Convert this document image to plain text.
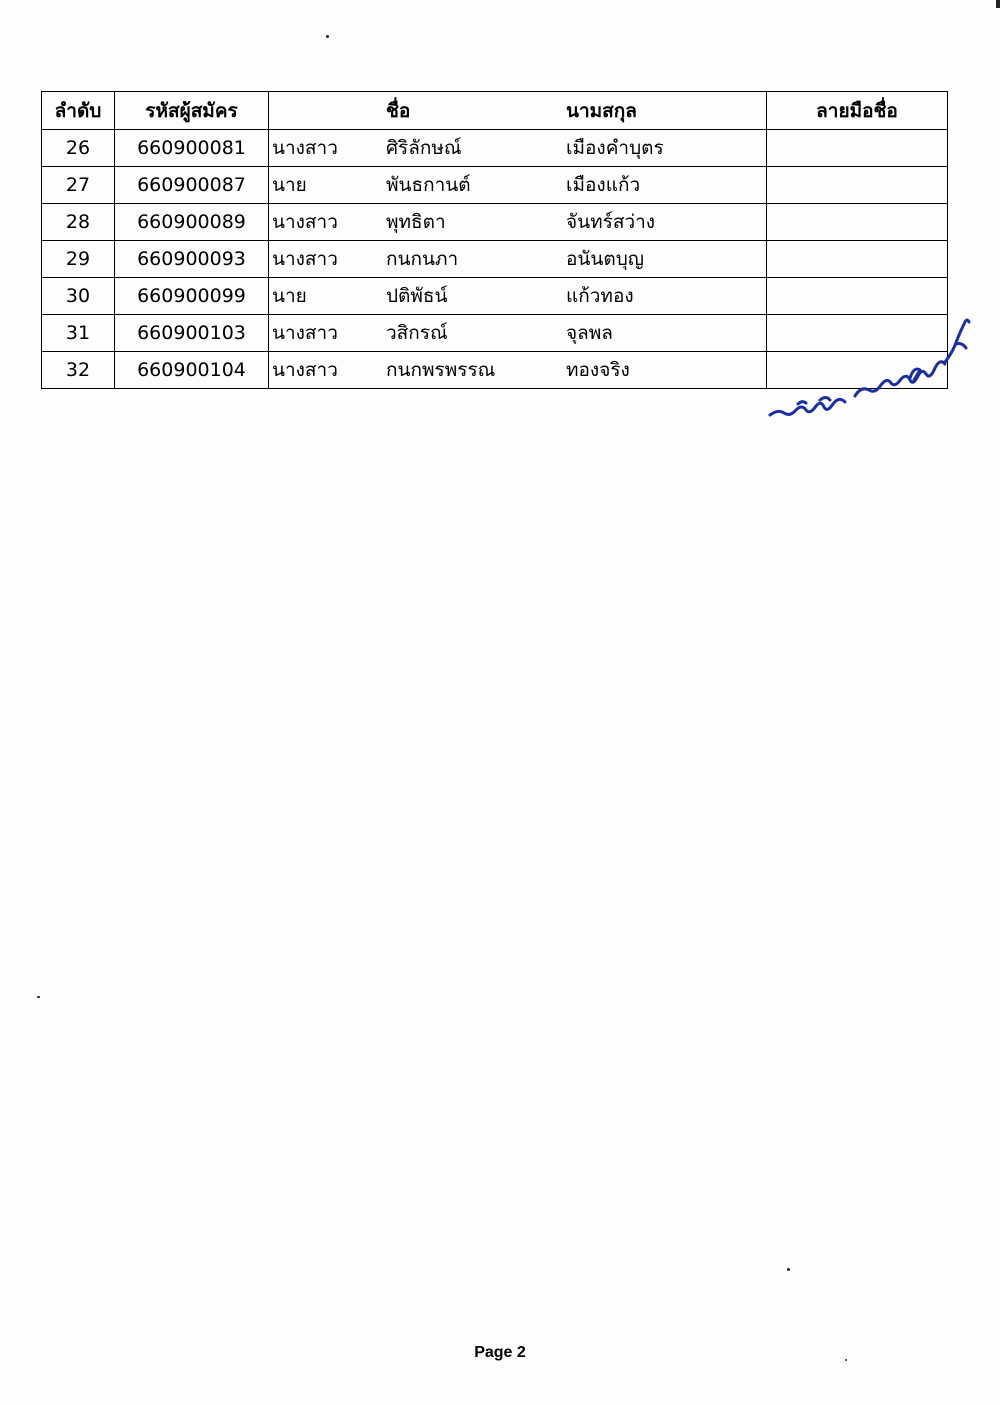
ลำดับ	รหัสผู้สมัคร	ชื่อ นามสกุล	ลายมือชื่อ
26	660900081	นางสาว ศิริลักษณ์ เมืองคำบุตร	

27	660900087	นาย พันธกานต์ เมืองแก้ว	

28	660900089	นางสาว พุทธิตา จันทร์สว่าง	

29	660900093	นางสาว กนกนภา อนันตบุญ	

30	660900099	นาย ปติพัธน์ แก้วทอง	

31	660900103	นางสาว วสิกรณ์ จุลพล	

32	660900104	นางสาว กนกพรพรรณ ทองจริง	

Page 2
